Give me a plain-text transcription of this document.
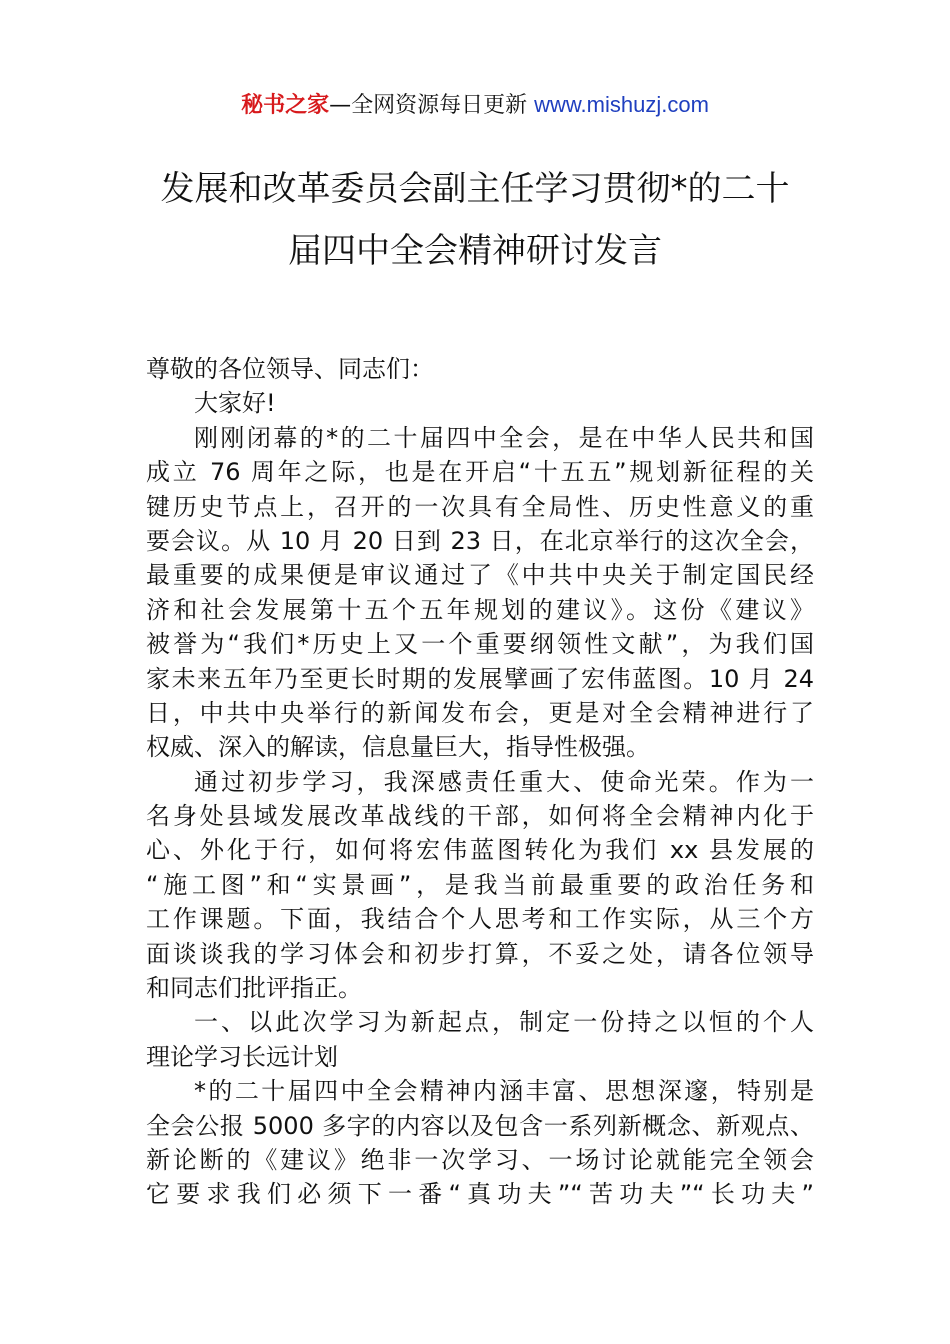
秘书之家—全网资源每日更新 www.mishuzj.com
发展和改革委员会副主任学习贯彻*的二十
届四中全会精神研讨发言
尊敬的各位领导、同志们：
大家好!
刚刚闭幕的*的二十届四中全会，是在中华人民共和国
成立 76 周年之际，也是在开启“十五五”规划新征程的关
键历史节点上，召开的一次具有全局性、历史性意义的重
要会议。从 10 月 20 日到 23 日，在北京举行的这次全会，
最重要的成果便是审议通过了《中共中央关于制定国民经
济和社会发展第十五个五年规划的建议》。这份《建议》
被誉为“我们*历史上又一个重要纲领性文献”，为我们国
家未来五年乃至更长时期的发展擘画了宏伟蓝图。10 月 24
日，中共中央举行的新闻发布会，更是对全会精神进行了
权威、深入的解读，信息量巨大，指导性极强。
通过初步学习，我深感责任重大、使命光荣。作为一
名身处县域发展改革战线的干部，如何将全会精神内化于
心、外化于行，如何将宏伟蓝图转化为我们 xx 县发展的
“施工图”和“实景画”，是我当前最重要的政治任务和
工作课题。下面，我结合个人思考和工作实际，从三个方
面谈谈我的学习体会和初步打算，不妥之处，请各位领导
和同志们批评指正。
一、以此次学习为新起点，制定一份持之以恒的个人
理论学习长远计划
*的二十届四中全会精神内涵丰富、思想深邃，特别是
全会公报 5000 多字的内容以及包含一系列新概念、新观点、
新论断的《建议》绝非一次学习、一场讨论就能完全领会
它要求我们必须下一番“真功夫”“苦功夫”“长功夫”
